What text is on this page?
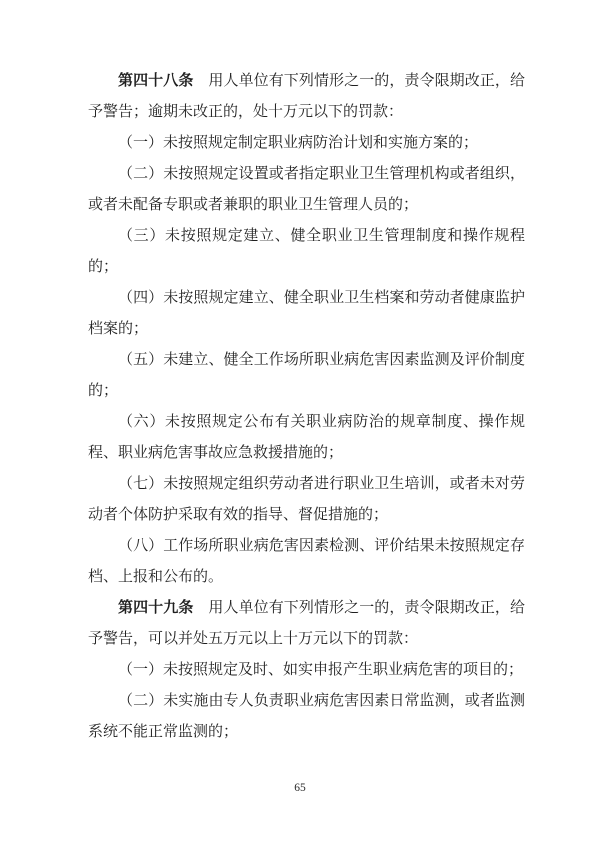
第四十八条 用人单位有下列情形之一的，责令限期改正，给予警告；逾期未改正的，处十万元以下的罚款：

（一）未按照规定制定职业病防治计划和实施方案的；

（二）未按照规定设置或者指定职业卫生管理机构或者组织，或者未配备专职或者兼职的职业卫生管理人员的；

（三）未按照规定建立、健全职业卫生管理制度和操作规程的；

（四）未按照规定建立、健全职业卫生档案和劳动者健康监护档案的；

（五）未建立、健全工作场所职业病危害因素监测及评价制度的；

（六）未按照规定公布有关职业病防治的规章制度、操作规程、职业病危害事故应急救援措施的；

（七）未按照规定组织劳动者进行职业卫生培训，或者未对劳动者个体防护采取有效的指导、督促措施的；

（八）工作场所职业病危害因素检测、评价结果未按照规定存档、上报和公布的。

第四十九条 用人单位有下列情形之一的，责令限期改正，给予警告，可以并处五万元以上十万元以下的罚款：

（一）未按照规定及时、如实申报产生职业病危害的项目的；

（二）未实施由专人负责职业病危害因素日常监测，或者监测系统不能正常监测的；

65
